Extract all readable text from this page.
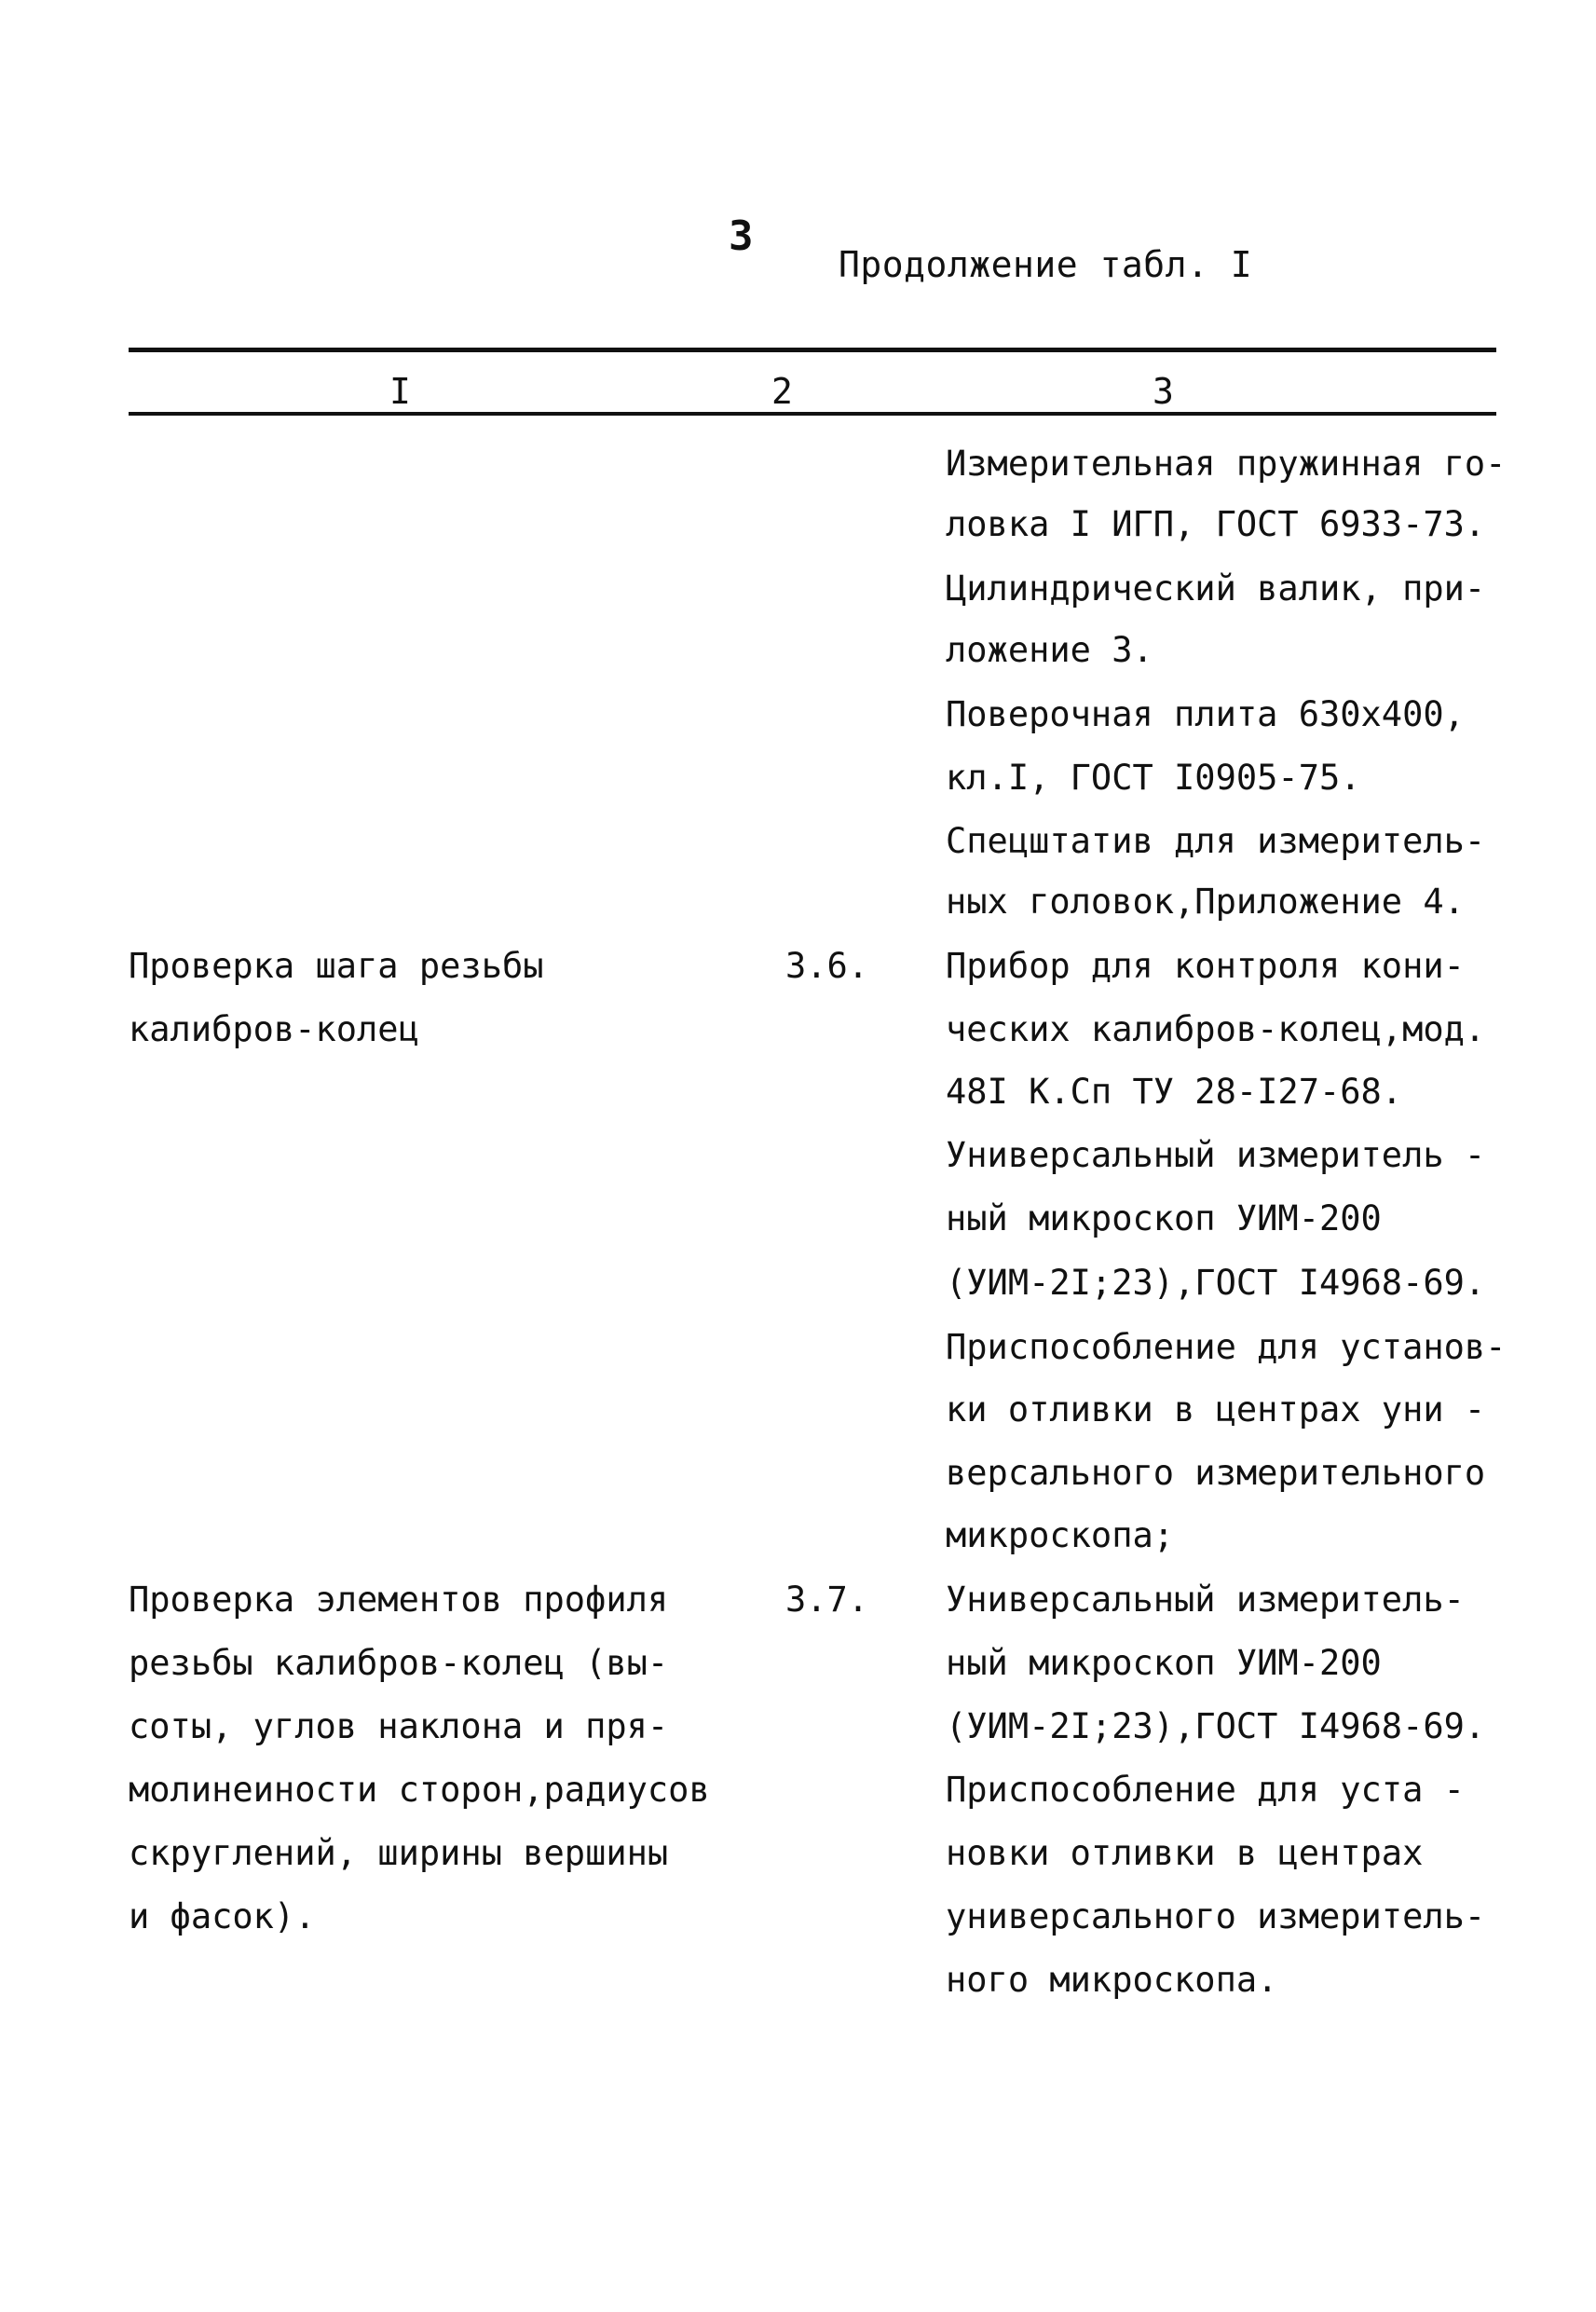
3
Продолжение табл. I
I	2	3
Измерительная пружинная го-
ловка I ИГП, ГОСТ 6933-73.
Цилиндрический валик, при-
ложение 3.
Поверочная плита 630х400,
кл.I, ГОСТ I0905-75.
Спецштатив для измеритель-
ных головок,Приложение 4.
Проверка шага резьбы
калибров-колец
3.6. Прибор для контроля кони-
ческих калибров-колец,мод.
48I К.Сп ТУ 28-I27-68.
Универсальный измеритель -
ный микроскоп УИМ-200
(УИМ-2I;23),ГОСТ I4968-69.
Приспособление для установ-
ки отливки в центрах уни -
версального измерительного
микроскопа;
Проверка элементов профиля
резьбы калибров-колец (вы-
соты, углов наклона и пря-
молинеиности сторон,радиусов
скруглений, ширины вершины
и фасок).
3.7. Универсальный измеритель-
ный микроскоп УИМ-200
(УИМ-2I;23),ГОСТ I4968-69.
Приспособление для уста -
новки отливки в центрах
универсального измеритель-
ного микроскопа.
